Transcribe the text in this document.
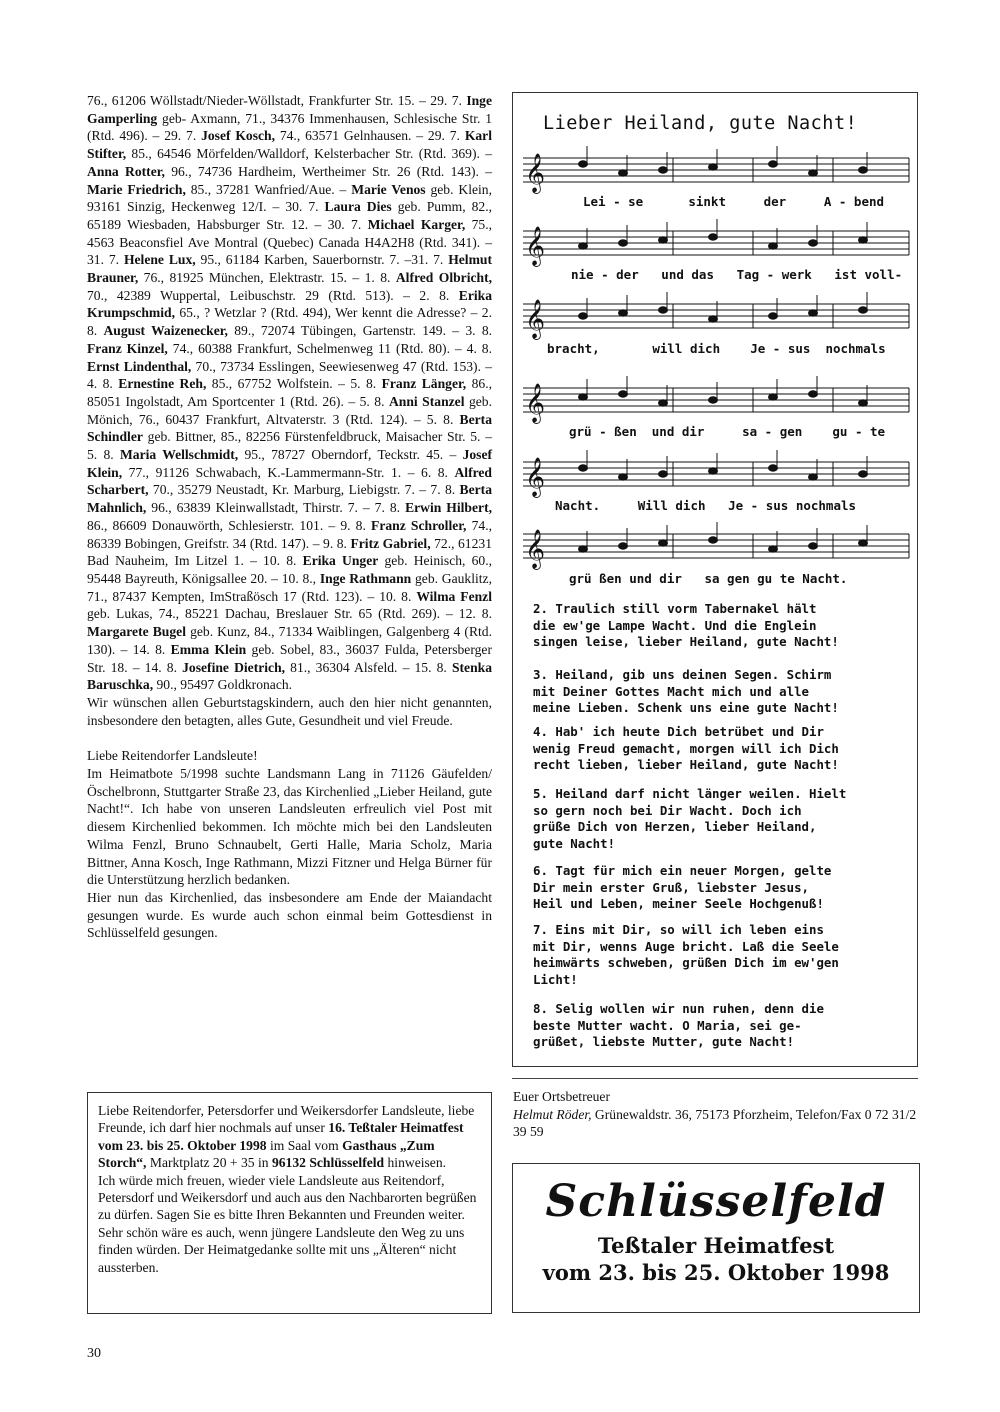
76., 61206 Wöllstadt/Nieder-Wöllstadt, Frankfurter Str. 15. – 29. 7. Inge Gamperling geb- Axmann, 71., 34376 Immenhausen, Schlesische Str. 1 (Rtd. 496). – 29. 7. Josef Kosch, 74., 63571 Gelnhausen. – 29. 7. Karl Stifter, 85., 64546 Mörfelden/Walldorf, Kelsterbacher Str. (Rtd. 369). – Anna Rotter, 96., 74736 Hardheim, Wertheimer Str. 26 (Rtd. 143). – Marie Friedrich, 85., 37281 Wanfried/Aue. – Marie Venos geb. Klein, 93161 Sinzig, Heckenweg 12/I. – 30. 7. Laura Dies geb. Pumm, 82., 65189 Wiesbaden, Habsburger Str. 12. – 30. 7. Michael Karger, 75., 4563 Beaconsfiel Ave Montral (Quebec) Canada H4A2H8 (Rtd. 341). – 31. 7. Helene Lux, 95., 61184 Karben, Sauerbornstr. 7. –31. 7. Helmut Brauner, 76., 81925 München, Elektrastr. 15. – 1. 8. Alfred Olbricht, 70., 42389 Wuppertal, Leibuschstr. 29 (Rtd. 513). – 2. 8. Erika Krumpschmid, 65., ? Wetzlar ? (Rtd. 494), Wer kennt die Adresse? – 2. 8. August Waizenecker, 89., 72074 Tübingen, Gartenstr. 149. – 3. 8. Franz Kinzel, 74., 60388 Frankfurt, Schelmenweg 11 (Rtd. 80). – 4. 8. Ernst Lindenthal, 70., 73734 Esslingen, Seewiesenweg 47 (Rtd. 153). – 4. 8. Ernestine Reh, 85., 67752 Wolfstein. – 5. 8. Franz Länger, 86., 85051 Ingolstadt, Am Sportcenter 1 (Rtd. 26). – 5. 8. Anni Stanzel geb. Mönich, 76., 60437 Frankfurt, Altvaterstr. 3 (Rtd. 124). – 5. 8. Berta Schindler geb. Bittner, 85., 82256 Fürstenfeldbruck, Maisacher Str. 5. – 5. 8. Maria Wellschmidt, 95., 78727 Oberndorf, Teckstr. 45. – Josef Klein, 77., 91126 Schwabach, K.-Lammermann-Str. 1. – 6. 8. Alfred Scharbert, 70., 35279 Neustadt, Kr. Marburg, Liebigstr. 7. – 7. 8. Berta Mahnlich, 96., 63839 Kleinwallstadt, Thirstr. 7. – 7. 8. Erwin Hilbert, 86., 86609 Donauwörth, Schlesierstr. 101. – 9. 8. Franz Schroller, 74., 86339 Bobingen, Greifstr. 34 (Rtd. 147). – 9. 8. Fritz Gabriel, 72., 61231 Bad Nauheim, Im Litzel 1. – 10. 8. Erika Unger geb. Heinisch, 60., 95448 Bayreuth, Königsallee 20. – 10. 8., Inge Rathmann geb. Gauklitz, 71., 87437 Kempten, ImStraßösch 17 (Rtd. 123). – 10. 8. Wilma Fenzl geb. Lukas, 74., 85221 Dachau, Breslauer Str. 65 (Rtd. 269). – 12. 8. Margarete Bugel geb. Kunz, 84., 71334 Waiblingen, Galgenberg 4 (Rtd. 130). – 14. 8. Emma Klein geb. Sobel, 83., 36037 Fulda, Petersberger Str. 18. – 14. 8. Josefine Dietrich, 81., 36304 Alsfeld. – 15. 8. Stenka Baruschka, 90., 95497 Goldkronach.

Wir wünschen allen Geburtstagskindern, auch den hier nicht genannten, insbesondere den betagten, alles Gute, Gesundheit und viel Freude.

Liebe Reitendorfer Landsleute!

Im Heimatbote 5/1998 suchte Landsmann Lang in 71126 Gäufelden/Öschelbronn, Stuttgarter Straße 23, das Kirchenlied „Lieber Heiland, gute Nacht!“. Ich habe von unseren Landsleuten erfreulich viel Post mit diesem Kirchenlied bekommen. Ich möchte mich bei den Landsleuten Wilma Fenzl, Bruno Schnaubelt, Gerti Halle, Maria Scholz, Maria Bittner, Anna Kosch, Inge Rathmann, Mizzi Fitzner und Helga Bürner für die Unterstützung herzlich bedanken.

Hier nun das Kirchenlied, das insbesondere am Ende der Maiandacht gesungen wurde. Es wurde auch schon einmal beim Gottesdienst in Schlüsselfeld gesungen.

Lieber Heiland, gute Nacht!
𝄞
𝄞
𝄞
𝄞
𝄞
𝄞
Lei - se      sinkt     der     A - bend
nie - der   und das   Tag - werk   ist voll-
bracht,       will dich    Je - sus  nochmals
grü - ßen  und dir     sa - gen    gu - te
Nacht.     Will dich   Je - sus nochmals
grü ßen und dir   sa gen gu te Nacht.
2. Traulich still vorm Tabernakel hält
die ew'ge Lampe Wacht. Und die Englein
singen leise, lieber Heiland, gute Nacht!
3. Heiland, gib uns deinen Segen. Schirm
mit Deiner Gottes Macht mich und alle
meine Lieben. Schenk uns eine gute Nacht!
4. Hab' ich heute Dich betrübet und Dir
wenig Freud gemacht, morgen will ich Dich
recht lieben, lieber Heiland, gute Nacht!
5. Heiland darf nicht länger weilen. Hielt
so gern noch bei Dir Wacht. Doch ich
grüße Dich von Herzen, lieber Heiland,
gute Nacht!
6. Tagt für mich ein neuer Morgen, gelte
Dir mein erster Gruß, liebster Jesus,
Heil und Leben, meiner Seele Hochgenuß!
7. Eins mit Dir, so will ich leben eins
mit Dir, wenns Auge bricht. Laß die Seele
heimwärts schweben, grüßen Dich im ew'gen
Licht!
8. Selig wollen wir nun ruhen, denn die
beste Mutter wacht. O Maria, sei ge-
grüßet, liebste Mutter, gute Nacht!
Euer Ortsbetreuer
Helmut Röder, Grünewaldstr. 36, 75173 Pforzheim, Telefon/Fax 0 72 31/2 39 59

Liebe Reitendorfer, Petersdorfer und Weikersdorfer Landsleute, liebe Freunde, ich darf hier nochmals auf unser 16. Teßtaler Heimatfest vom 23. bis 25. Oktober 1998 im Saal vom Gasthaus „Zum Storch“, Marktplatz 20 + 35 in 96132 Schlüsselfeld hinweisen.

Ich würde mich freuen, wieder viele Landsleute aus Reitendorf, Petersdorf und Weikersdorf und auch aus den Nachbarorten begrüßen zu dürfen. Sagen Sie es bitte Ihren Bekannten und Freunden weiter. Sehr schön wäre es auch, wenn jüngere Landsleute den Weg zu uns finden würden. Der Heimatgedanke sollte mit uns „Älteren“ nicht aussterben.

Schlüsselfeld
Teßtaler Heimatfest
vom 23. bis 25. Oktober 1998
30
